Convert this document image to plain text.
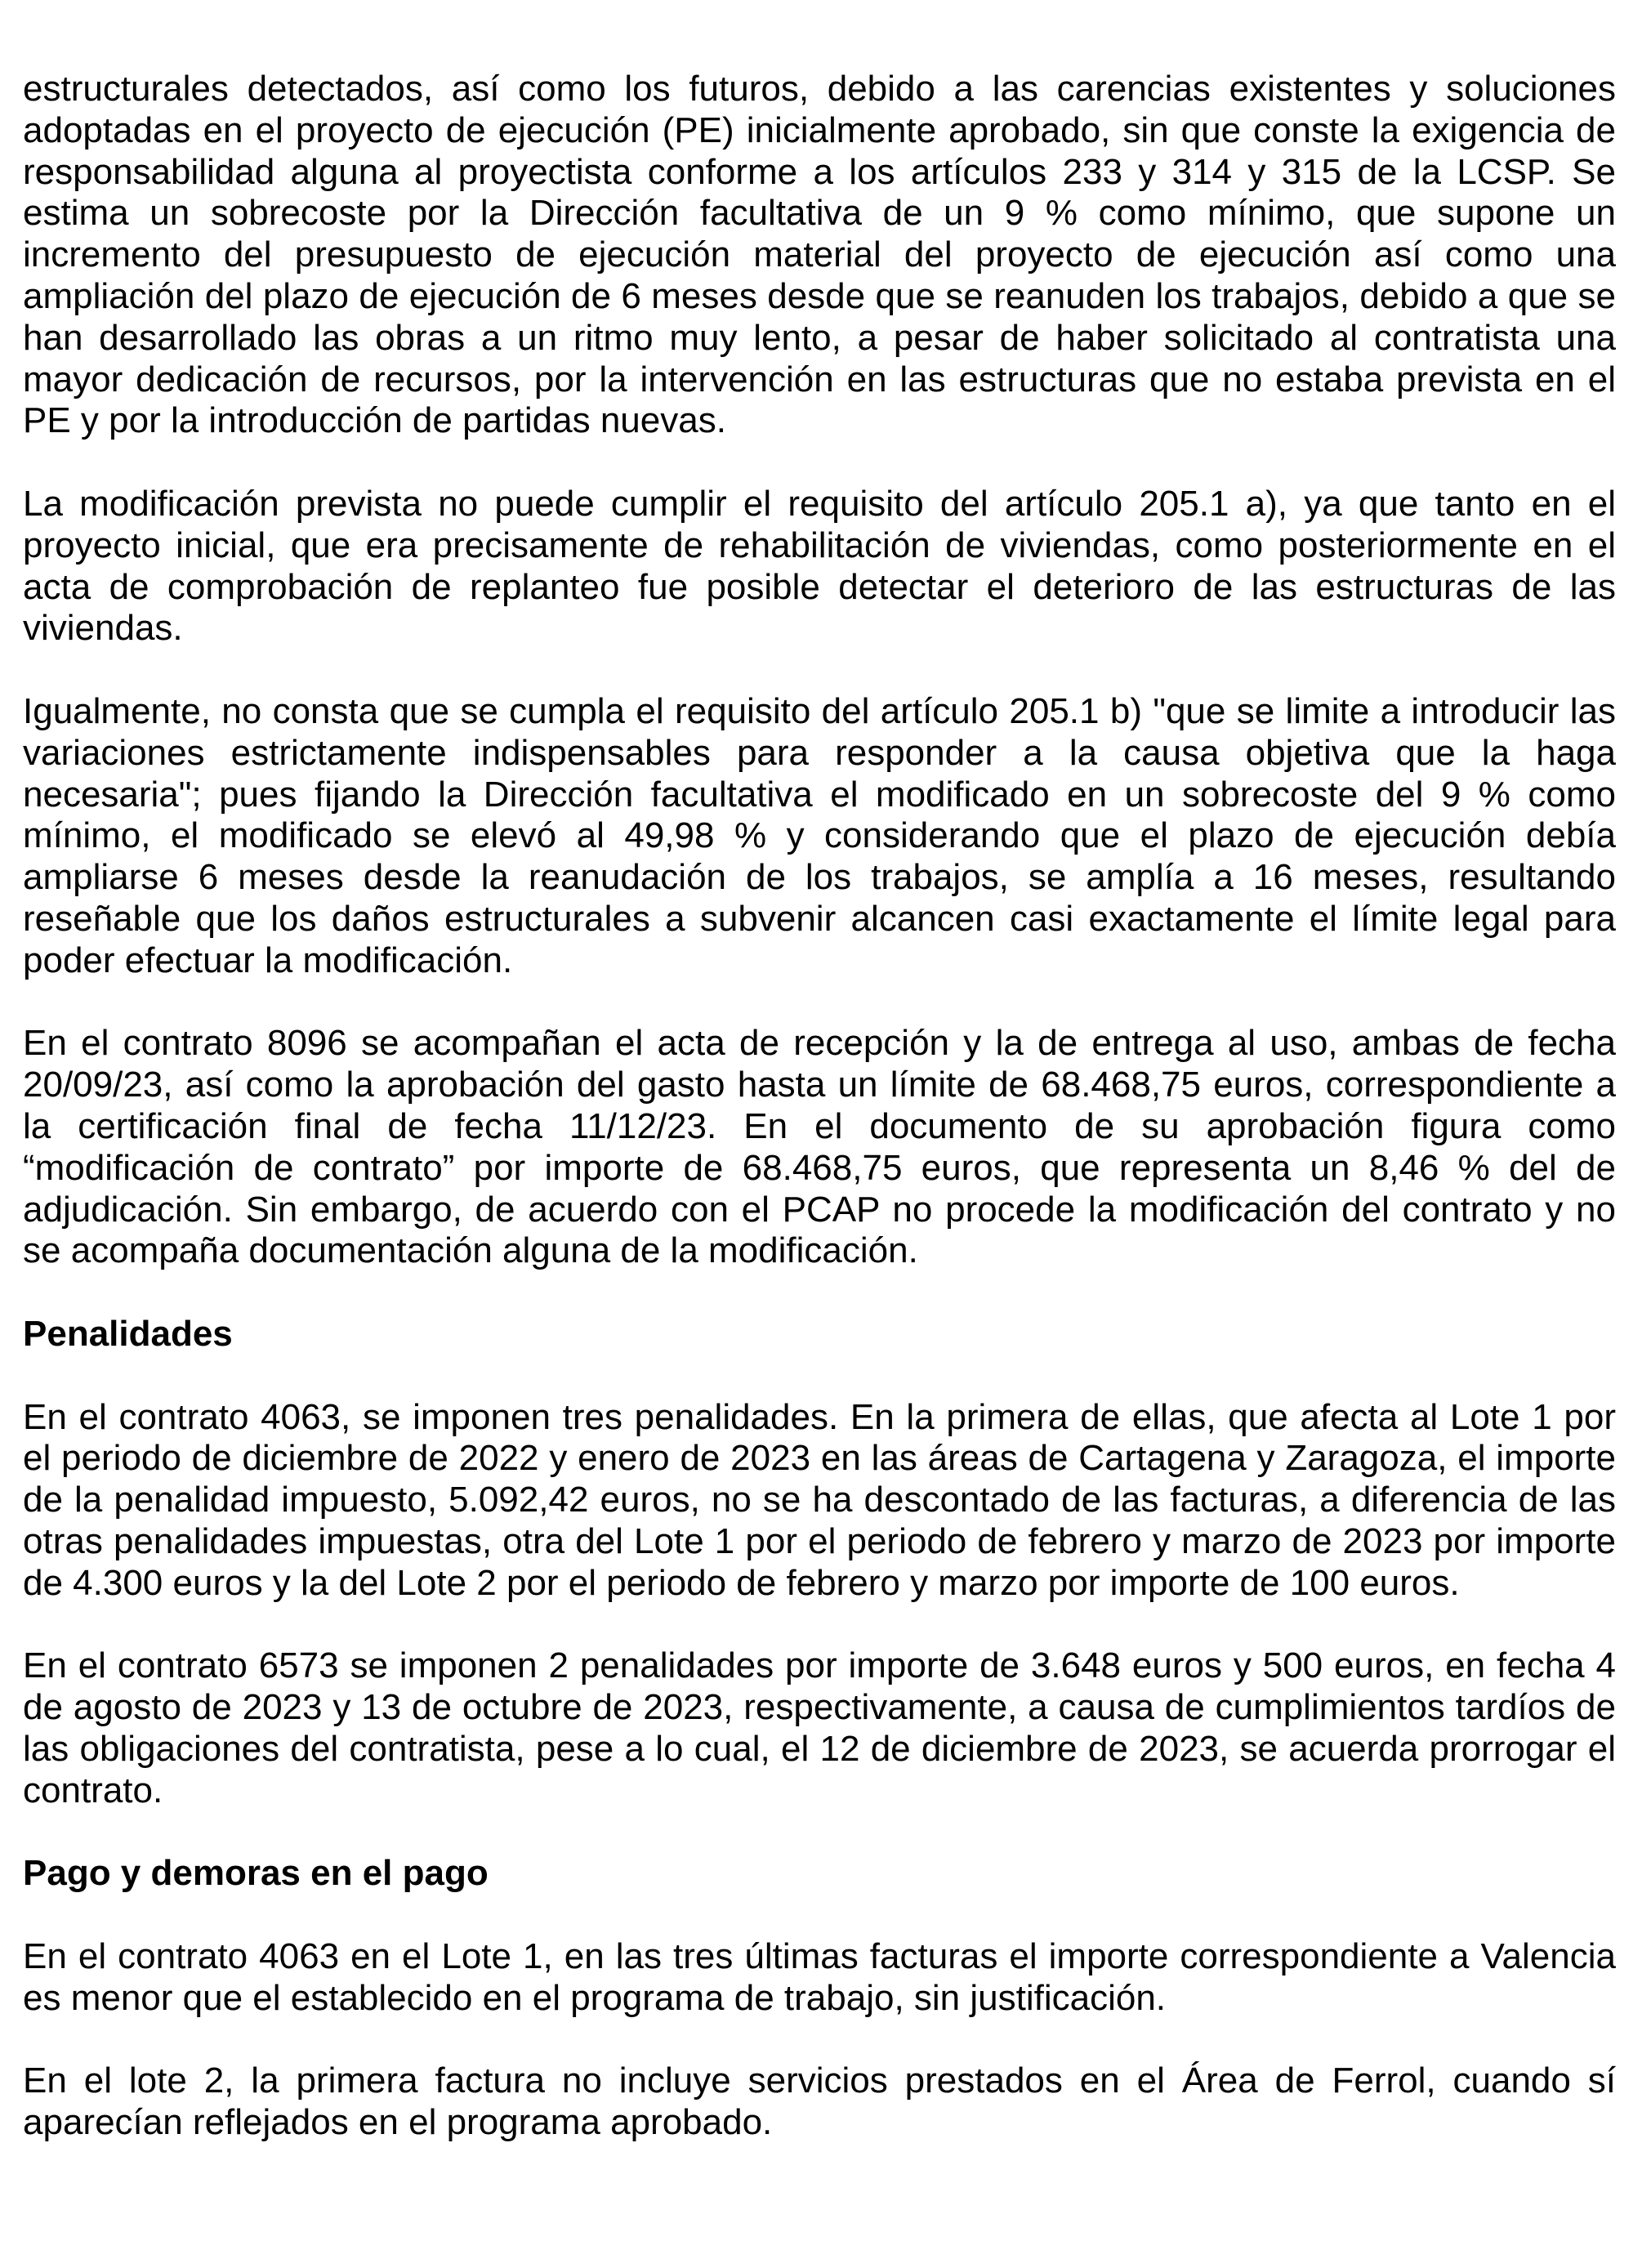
estructurales detectados, así como los futuros, debido a las carencias existentes y soluciones adoptadas en el proyecto de ejecución (PE) inicialmente aprobado, sin que conste la exigencia de responsabilidad alguna al proyectista conforme a los artículos 233 y 314 y 315 de la LCSP. Se estima un sobrecoste por la Dirección facultativa de un 9 % como mínimo, que supone un incremento del presupuesto de ejecución material del proyecto de ejecución así como una ampliación del plazo de ejecución de 6 meses desde que se reanuden los trabajos, debido a que se han desarrollado las obras a un ritmo muy lento, a pesar de haber solicitado al contratista una mayor dedicación de recursos, por la intervención en las estructuras que no estaba prevista en el PE y por la introducción de partidas nuevas.

La modificación prevista no puede cumplir el requisito del artículo 205.1 a), ya que tanto en el proyecto inicial, que era precisamente de rehabilitación de viviendas, como posteriormente en el acta de comprobación de replanteo fue posible detectar el deterioro de las estructuras de las viviendas.

Igualmente, no consta que se cumpla el requisito del artículo 205.1 b) "que se limite a introducir las variaciones estrictamente indispensables para responder a la causa objetiva que la haga necesaria"; pues fijando la Dirección facultativa el modificado en un sobrecoste del 9 % como mínimo, el modificado se elevó al 49,98 % y considerando que el plazo de ejecución debía ampliarse 6 meses desde la reanudación de los trabajos, se amplía a 16 meses, resultando reseñable que los daños estructurales a subvenir alcancen casi exactamente el límite legal para poder efectuar la modificación.

En el contrato 8096 se acompañan el acta de recepción y la de entrega al uso, ambas de fecha 20/09/23, así como la aprobación del gasto hasta un límite de 68.468,75 euros, correspondiente a la certificación final de fecha 11/12/23. En el documento de su aprobación figura como “modificación de contrato” por importe de 68.468,75 euros, que representa un 8,46 % del de adjudicación. Sin embargo, de acuerdo con el PCAP no procede la modificación del contrato y no se acompaña documentación alguna de la modificación.

Penalidades

En el contrato 4063, se imponen tres penalidades. En la primera de ellas, que afecta al Lote 1 por el periodo de diciembre de 2022 y enero de 2023 en las áreas de Cartagena y Zaragoza, el importe de la penalidad impuesto, 5.092,42 euros, no se ha descontado de las facturas, a diferencia de las otras penalidades impuestas, otra del Lote 1 por el periodo de febrero y marzo de 2023 por importe de 4.300 euros y la del Lote 2 por el periodo de febrero y marzo por importe de 100 euros.

En el contrato 6573 se imponen 2 penalidades por importe de 3.648 euros y 500 euros, en fecha 4 de agosto de 2023 y 13 de octubre de 2023, respectivamente, a causa de cumplimientos tardíos de las obligaciones del contratista, pese a lo cual, el 12 de diciembre de 2023, se acuerda prorrogar el contrato.

Pago y demoras en el pago

En el contrato 4063 en el Lote 1, en las tres últimas facturas el importe correspondiente a Valencia es menor que el establecido en el programa de trabajo, sin justificación.

En el lote 2, la primera factura no incluye servicios prestados en el Área de Ferrol, cuando sí aparecían reflejados en el programa aprobado.
